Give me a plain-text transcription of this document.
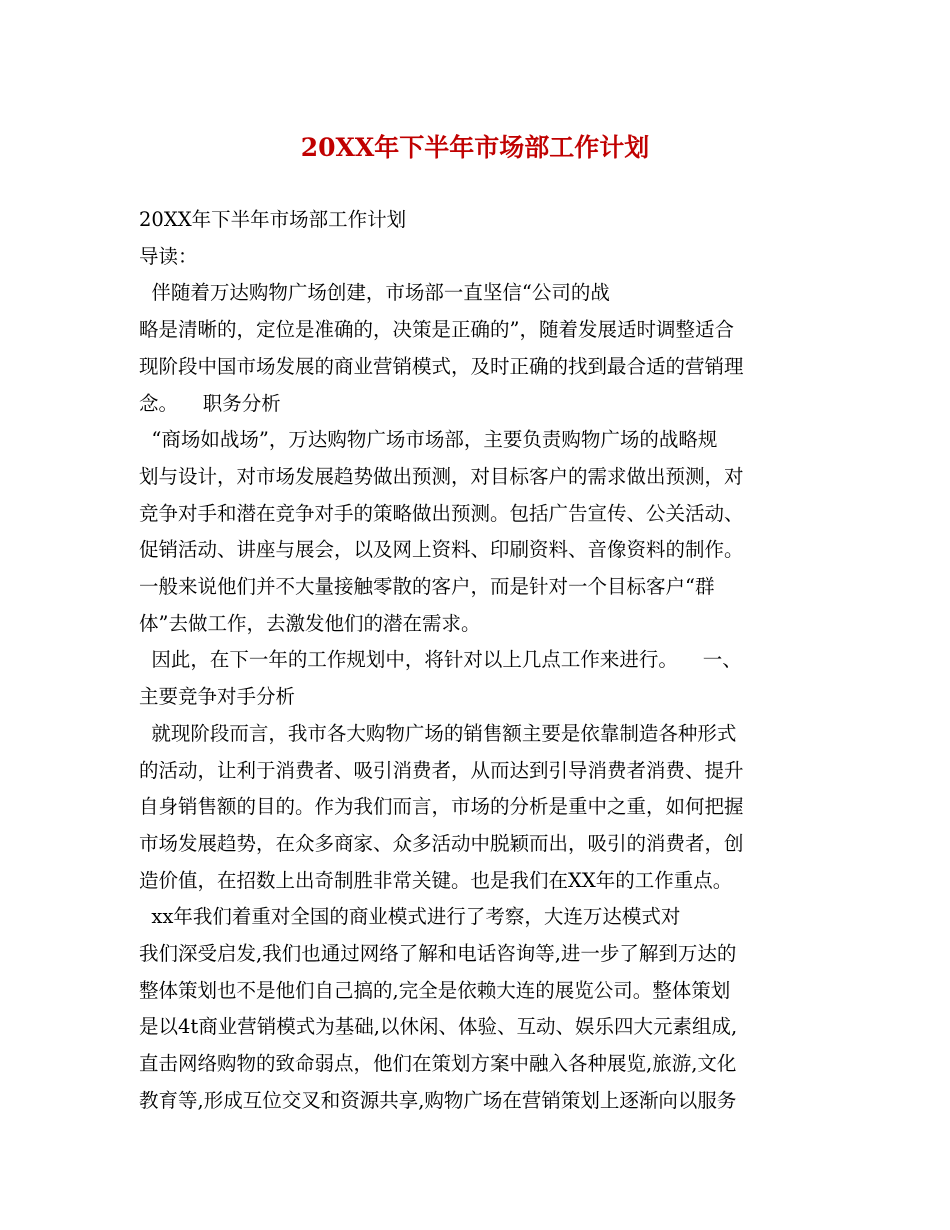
20XX年下半年市场部工作计划
20XX年下半年市场部工作计划
导读：
伴随着万达购物广场创建，市场部一直坚信“公司的战
略是清晰的，定位是准确的，决策是正确的”，随着发展适时调整适合
现阶段中国市场发展的商业营销模式，及时正确的找到最合适的营销理
念。    职务分析
“商场如战场”，万达购物广场市场部，主要负责购物广场的战略规
划与设计，对市场发展趋势做出预测，对目标客户的需求做出预测，对
竞争对手和潜在竞争对手的策略做出预测。包括广告宣传、公关活动、
促销活动、讲座与展会，以及网上资料、印刷资料、音像资料的制作。
一般来说他们并不大量接触零散的客户，而是针对一个目标客户“群
体”去做工作，去激发他们的潜在需求。
因此，在下一年的工作规划中，将针对以上几点工作来进行。    一、
主要竞争对手分析
就现阶段而言，我市各大购物广场的销售额主要是依靠制造各种形式
的活动，让利于消费者、吸引消费者，从而达到引导消费者消费、提升
自身销售额的目的。作为我们而言，市场的分析是重中之重，如何把握
市场发展趋势，在众多商家、众多活动中脱颖而出，吸引的消费者，创
造价值，在招数上出奇制胜非常关键。也是我们在XX年的工作重点。
xx年我们着重对全国的商业模式进行了考察，大连万达模式对
我们深受启发,我们也通过网络了解和电话咨询等,进一步了解到万达的
整体策划也不是他们自己搞的,完全是依赖大连的展览公司。整体策划
是以4t商业营销模式为基础,以休闲、体验、互动、娱乐四大元素组成,
直击网络购物的致命弱点，他们在策划方案中融入各种展览,旅游,文化
教育等,形成互位交叉和资源共享,购物广场在营销策划上逐渐向以服务
